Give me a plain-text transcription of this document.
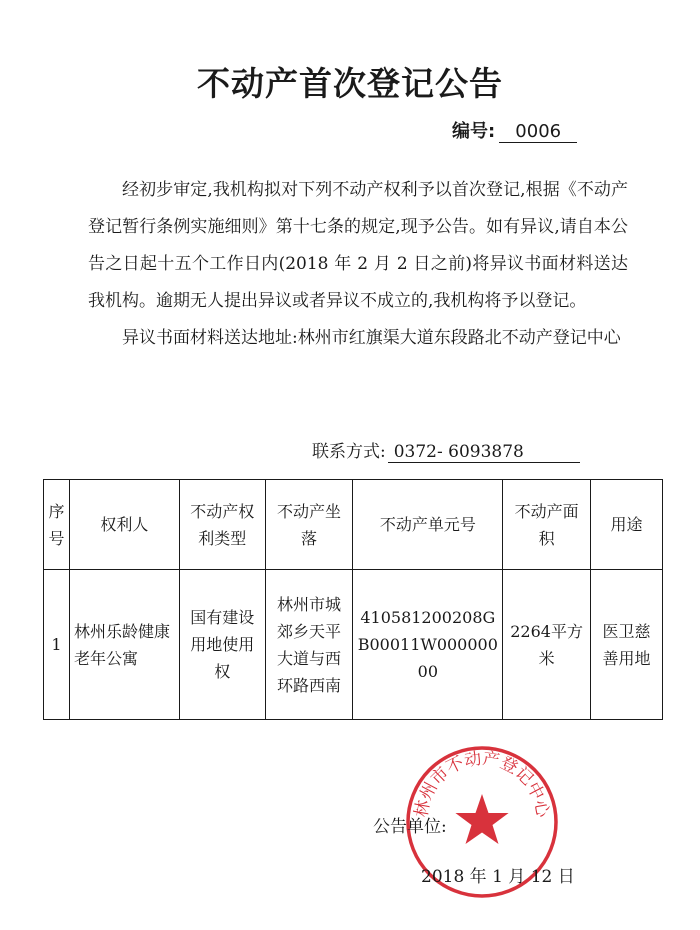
不动产首次登记公告
编号: 0006

经初步审定,我机构拟对下列不动产权利予以首次登记,根据《不动产登记暂行条例实施细则》第十七条的规定,现予公告。如有异议,请自本公告之日起十五个工作日内(2018 年 2 月 2 日之前)将异议书面材料送达我机构。逾期无人提出异议或者异议不成立的,我机构将予以登记。

异议书面材料送达地址:林州市红旗渠大道东段路北不动产登记中心

联系方式: 0372- 6093878
序号	权利人	不动产权利类型	不动产坐落	不动产单元号	不动产面积	用途
1	林州乐龄健康老年公寓	国有建设用地使用权	林州市城郊乡天平大道与西环路西南	410581200208GB00011W00000000	2264平方米	医卫慈善用地
林州市不动产登记中心
公告单位:
2018 年 1 月 12 日
